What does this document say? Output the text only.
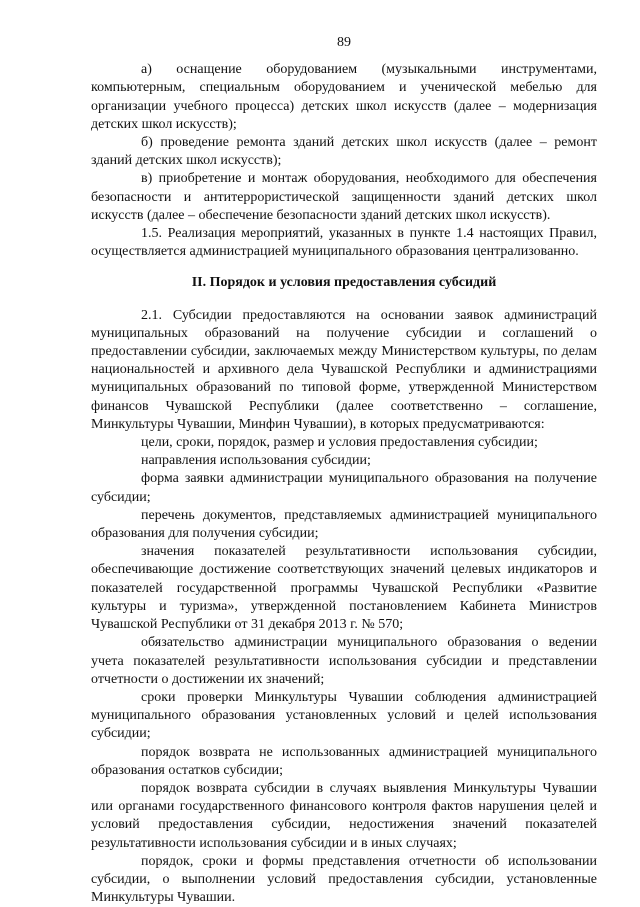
89

а) оснащение оборудованием (музыкальными инструментами, компьютерным, специальным оборудованием и ученической мебелью для организации учебного процесса) детских школ искусств (далее – модернизация детских школ искусств);

б) проведение ремонта зданий детских школ искусств (далее – ремонт зданий детских школ искусств);

в) приобретение и монтаж оборудования, необходимого для обеспечения безопасности и антитеррористической защищенности зданий детских школ искусств (далее – обеспечение безопасности зданий детских школ искусств).

1.5. Реализация мероприятий, указанных в пункте 1.4 настоящих Правил, осуществляется администрацией муниципального образования централизованно.

II. Порядок и условия предоставления субсидий

2.1. Субсидии предоставляются на основании заявок администраций муниципальных образований на получение субсидии и соглашений о предоставлении субсидии, заключаемых между Министерством культуры, по делам национальностей и архивного дела Чувашской Республики и администрациями муниципальных образований по типовой форме, утвержденной Министерством финансов Чувашской Республики (далее соответственно – соглашение, Минкультуры Чувашии, Минфин Чувашии), в которых предусматриваются:

цели, сроки, порядок, размер и условия предоставления субсидии;

направления использования субсидии;

форма заявки администрации муниципального образования на получение субсидии;

перечень документов, представляемых администрацией муниципального образования для получения субсидии;

значения показателей результативности использования субсидии, обеспечивающие достижение соответствующих значений целевых индикаторов и показателей государственной программы Чувашской Республики «Развитие культуры и туризма», утвержденной постановлением Кабинета Министров Чувашской Республики от 31 декабря 2013 г. № 570;

обязательство администрации муниципального образования о ведении учета показателей результативности использования субсидии и представлении отчетности о достижении их значений;

сроки проверки Минкультуры Чувашии соблюдения администрацией муниципального образования установленных условий и целей использования субсидии;

порядок возврата не использованных администрацией муниципального образования остатков субсидии;

порядок возврата субсидии в случаях выявления Минкультуры Чувашии или органами государственного финансового контроля фактов нарушения целей и условий предоставления субсидии, недостижения значений показателей результативности использования субсидии и в иных случаях;

порядок, сроки и формы представления отчетности об использовании субсидии, о выполнении условий предоставления субсидии, установленные Минкультуры Чувашии.
